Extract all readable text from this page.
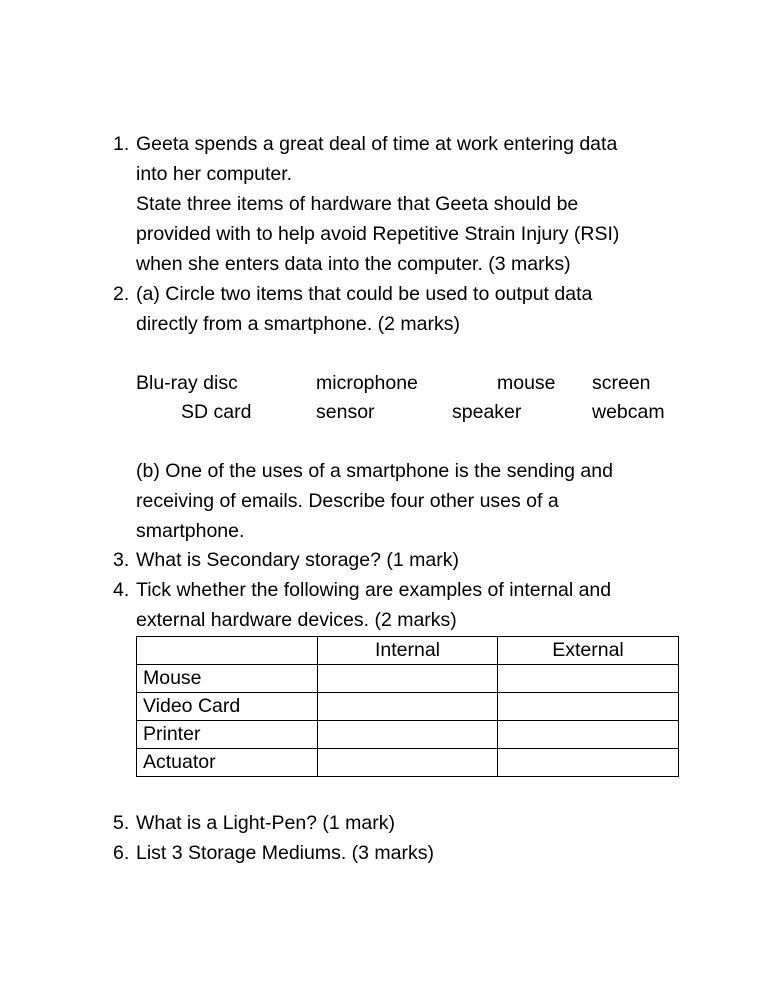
1. Geeta spends a great deal of time at work entering data
into her computer.
State three items of hardware that Geeta should be
provided with to help avoid Repetitive Strain Injury (RSI)
when she enters data into the computer. (3 marks)
2. (a) Circle two items that could be used to output data
directly from a smartphone. (2 marks)
Blu-ray disc	microphone	mouse screen
SD card	sensor	speaker	webcam
(b) One of the uses of a smartphone is the sending and
receiving of emails. Describe four other uses of a
smartphone.
3. What is Secondary storage? (1 mark)
4. Tick whether the following are examples of internal and
external hardware devices. (2 marks)
	Internal	External
Mouse		
Video Card		
Printer		
Actuator		
5. What is a Light-Pen? (1 mark)
6. List 3 Storage Mediums. (3 marks)
